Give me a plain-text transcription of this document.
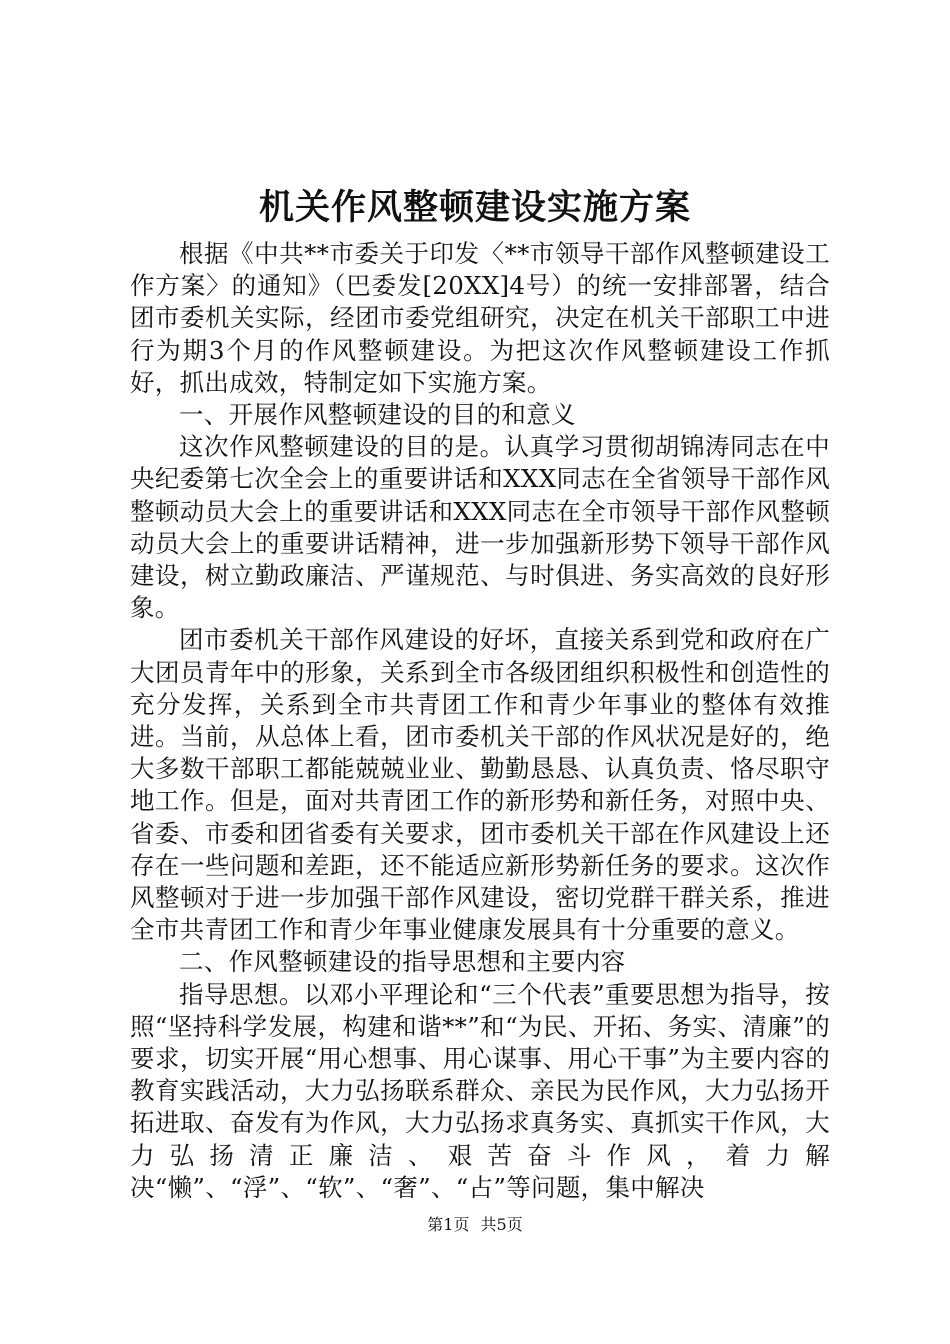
机关作风整顿建设实施方案

根据《中共**市委关于印发〈**市领导干部作风整顿建设工作方案〉的通知》（巴委发[20XX]4号）的统一安排部署，结合团市委机关实际，经团市委党组研究，决定在机关干部职工中进行为期3个月的作风整顿建设。为把这次作风整顿建设工作抓好，抓出成效，特制定如下实施方案。

一、开展作风整顿建设的目的和意义

这次作风整顿建设的目的是。认真学习贯彻胡锦涛同志在中央纪委第七次全会上的重要讲话和XXX同志在全省领导干部作风整顿动员大会上的重要讲话和XXX同志在全市领导干部作风整顿动员大会上的重要讲话精神，进一步加强新形势下领导干部作风建设，树立勤政廉洁、严谨规范、与时俱进、务实高效的良好形象。

团市委机关干部作风建设的好坏，直接关系到党和政府在广大团员青年中的形象，关系到全市各级团组织积极性和创造性的充分发挥，关系到全市共青团工作和青少年事业的整体有效推进。当前，从总体上看，团市委机关干部的作风状况是好的，绝大多数干部职工都能兢兢业业、勤勤恳恳、认真负责、恪尽职守地工作。但是，面对共青团工作的新形势和新任务，对照中央、省委、市委和团省委有关要求，团市委机关干部在作风建设上还存在一些问题和差距，还不能适应新形势新任务的要求。这次作风整顿对于进一步加强干部作风建设，密切党群干群关系，推进全市共青团工作和青少年事业健康发展具有十分重要的意义。

二、作风整顿建设的指导思想和主要内容

指导思想。以邓小平理论和“三个代表”重要思想为指导，按照“坚持科学发展，构建和谐**”和“为民、开拓、务实、清廉”的要求，切实开展“用心想事、用心谋事、用心干事”为主要内容的教育实践活动，大力弘扬联系群众、亲民为民作风，大力弘扬开拓进取、奋发有为作风，大力弘扬求真务实、真抓实干作风，大力弘扬清正廉洁、艰苦奋斗作风，着力解决“懒”、“浮”、“软”、“奢”、“占”等问题，集中解决

第1页 共5页
